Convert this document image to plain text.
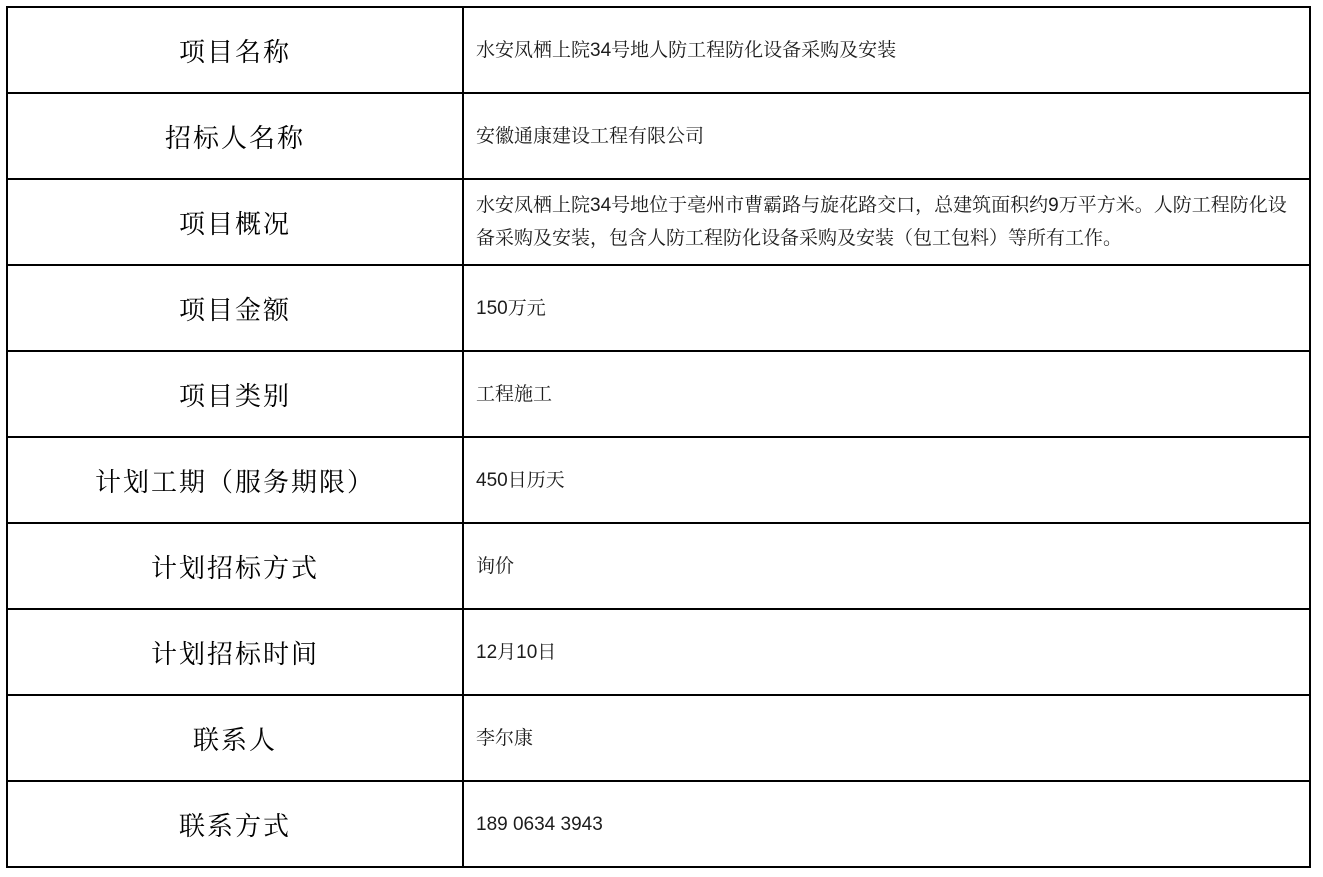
项目名称	水安凤栖上院34号地人防工程防化设备采购及安装
招标人名称	安徽通康建设工程有限公司
项目概况	水安凤栖上院34号地位于亳州市曹霸路与旋花路交口，总建筑面积约9万平方米。人防工程防化设备采购及安装，包含人防工程防化设备采购及安装（包工包料）等所有工作。
项目金额	150万元
项目类别	工程施工
计划工期（服务期限）	450日历天
计划招标方式	询价
计划招标时间	12月10日
联系人	李尔康
联系方式	189 0634 3943
